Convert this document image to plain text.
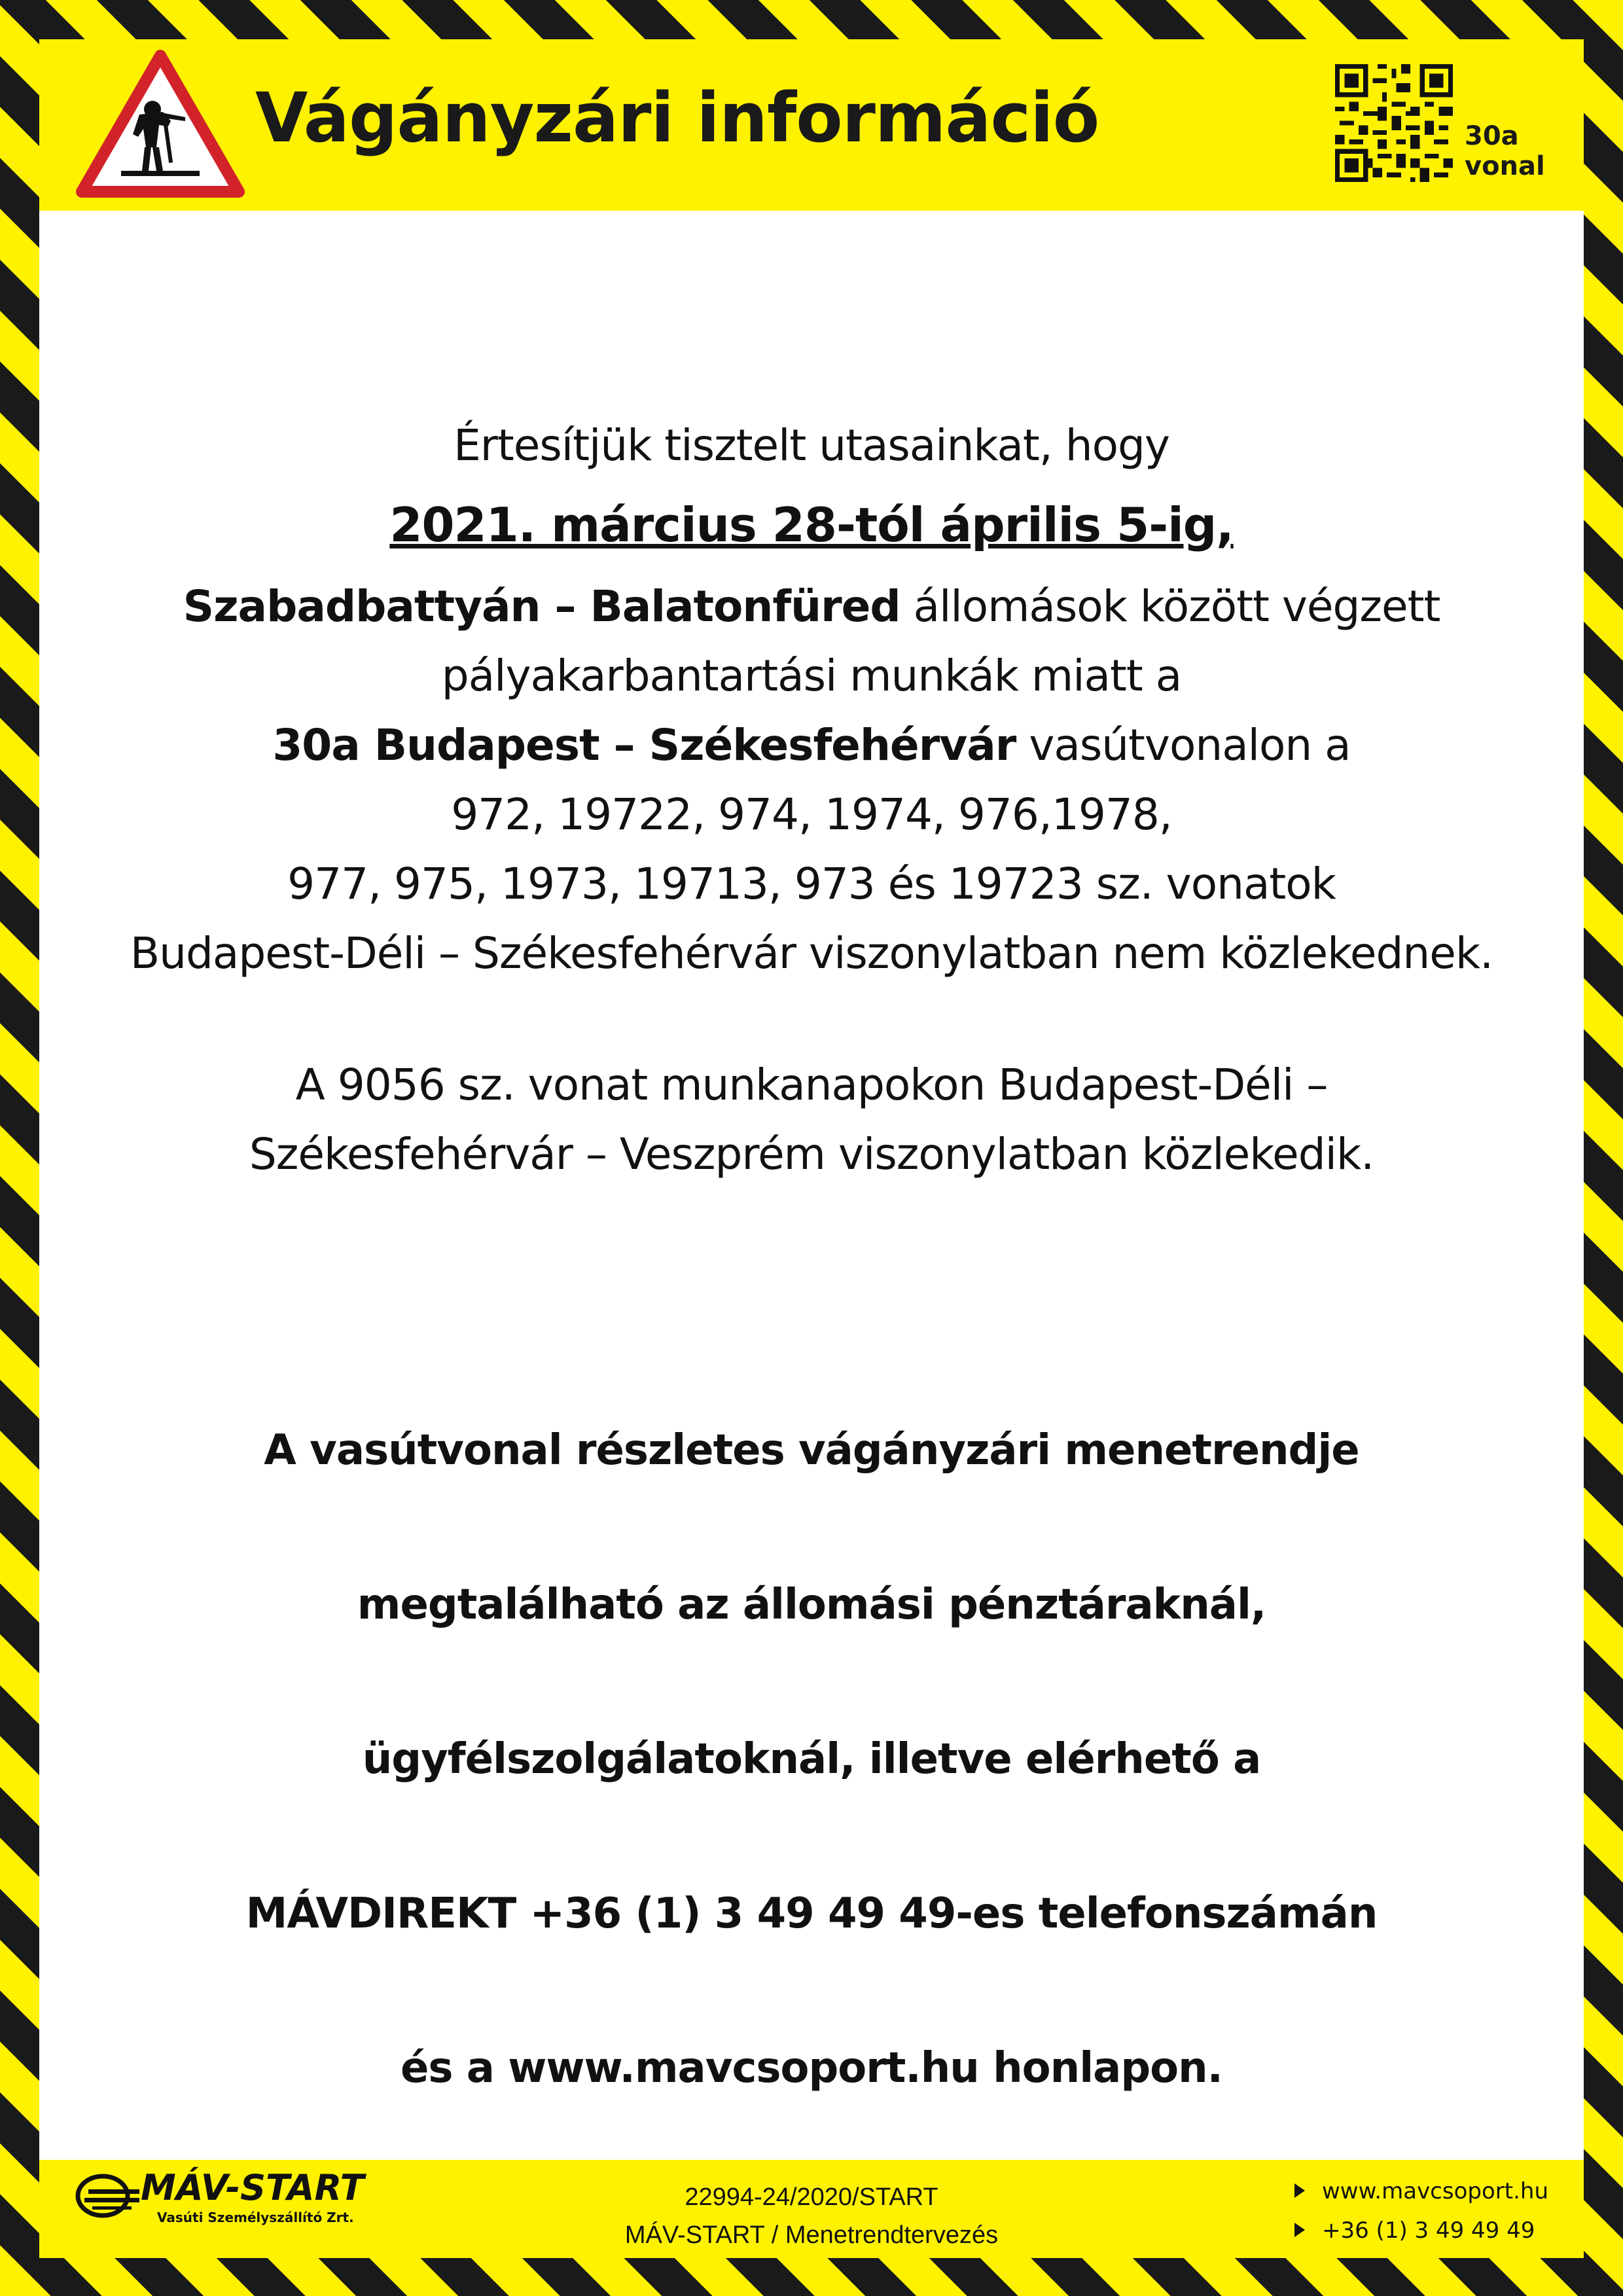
Vágányzári információ	30a
vonal
Értesítjük tisztelt utasainkat, hogy
2021. március 28-tól április 5-ig,
Szabadbattyán – Balatonfüred állomások között végzett
pályakarbantartási munkák miatt a
30a Budapest – Székesfehérvár vasútvonalon a
972, 19722, 974, 1974, 976,1978,
977, 975, 1973, 19713, 973 és 19723 sz. vonatok
Budapest-Déli – Székesfehérvár viszonylatban nem közlekednek.
A 9056 sz. vonat munkanapokon Budapest-Déli –
Székesfehérvár – Veszprém viszonylatban közlekedik.
A vasútvonal részletes vágányzári menetrendje
megtalálható az állomási pénztáraknál,
ügyfélszolgálatoknál, illetve elérhető a
MÁVDIREKT +36 (1) 3 49 49 49-es telefonszámán
és a www.mavcsoport.hu honlapon.
MÁV-START
Vasúti Személyszállító Zrt.
22994-24/2020/START
MÁV-START / Menetrendtervezés
www.mavcsoport.hu
+36 (1) 3 49 49 49
